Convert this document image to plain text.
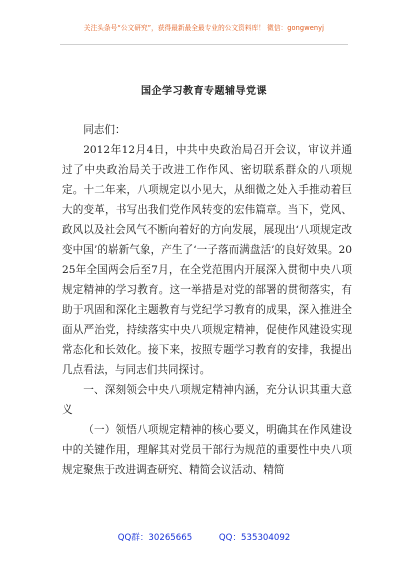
关注头条号“公文研究”，获得最新最全最专业的公文资料库！ 微信：gongwenyj
国企学习教育专题辅导党课

同志们：

2012年12月4日，中共中央政治局召开会议，审议并通过了中央政治局关于改进工作作风、密切联系群众的八项规定。十二年来，八项规定以小见大，从细微之处入手推动着巨大的变革，书写出我们党作风转变的宏伟篇章。当下，党风、政风以及社会风气不断向着好的方向发展，展现出‘八项规定改变中国’的崭新气象，产生了‘一子落而满盘活’的良好效果。2025年全国两会后至7月，在全党范围内开展深入贯彻中央八项规定精神的学习教育。这一举措是对党的部署的贯彻落实，有助于巩固和深化主题教育与党纪学习教育的成果，深入推进全面从严治党，持续落实中央八项规定精神，促使作风建设实现常态化和长效化。接下来，按照专题学习教育的安排，我提出几点看法，与同志们共同探讨。

一、深刻领会中央八项规定精神内涵，充分认识其重大意义

（一）领悟八项规定精神的核心要义，明确其在作风建设中的关键作用，理解其对党员干部行为规范的重要性中央八项规定聚焦于改进调查研究、精简会议活动、精简

QQ群：30265665	QQ：535304092
